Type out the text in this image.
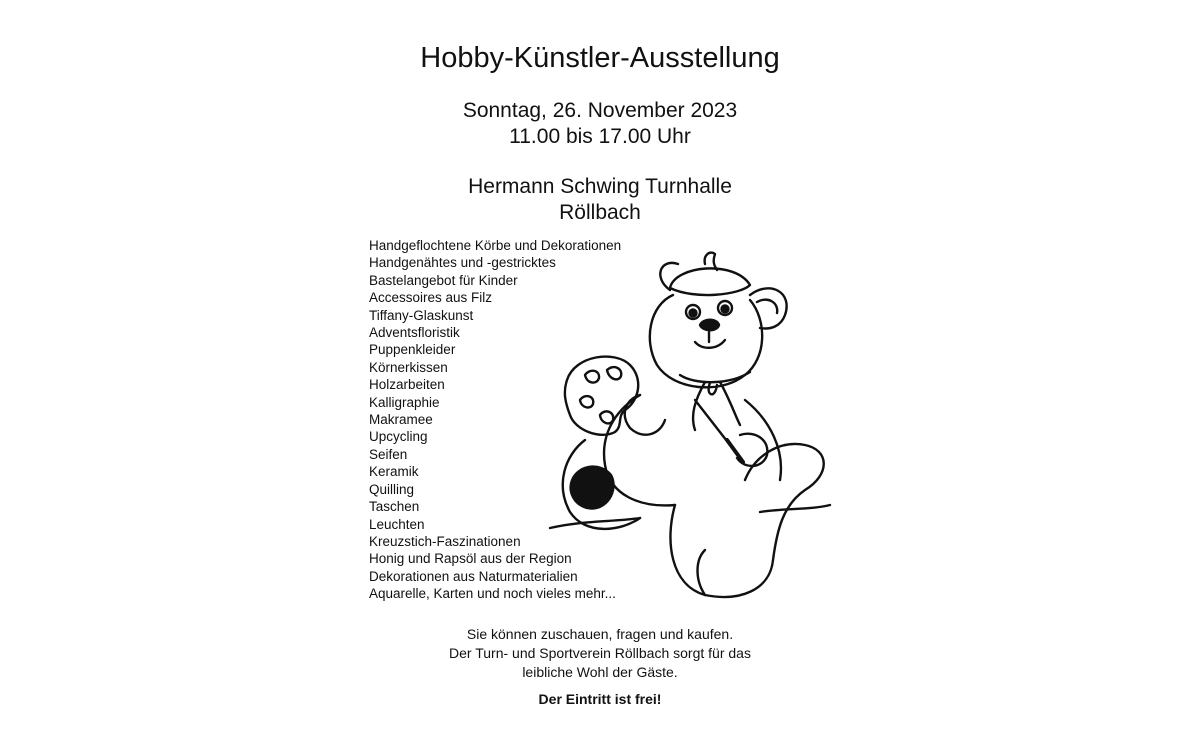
Hobby-Künstler-Ausstellung
Sonntag, 26. November 2023
11.00 bis 17.00 Uhr
Hermann Schwing Turnhalle
Röllbach
Handgeflochtene Körbe und Dekorationen
Handgenähtes und -gestricktes
Bastelangebot für Kinder
Accessoires aus Filz
Tiffany-Glaskunst
Adventsfloristik
Puppenkleider
Körnerkissen
Holzarbeiten
Kalligraphie
Makramee
Upcycling
Seifen
Keramik
Quilling
Taschen
Leuchten
Kreuzstich-Faszinationen
Honig und Rapsöl aus der Region
Dekorationen aus Naturmaterialien
Aquarelle, Karten und noch vieles mehr...
Sie können zuschauen, fragen und kaufen.
Der Turn- und Sportverein Röllbach sorgt für das
leibliche Wohl der Gäste.
Der Eintritt ist frei!
